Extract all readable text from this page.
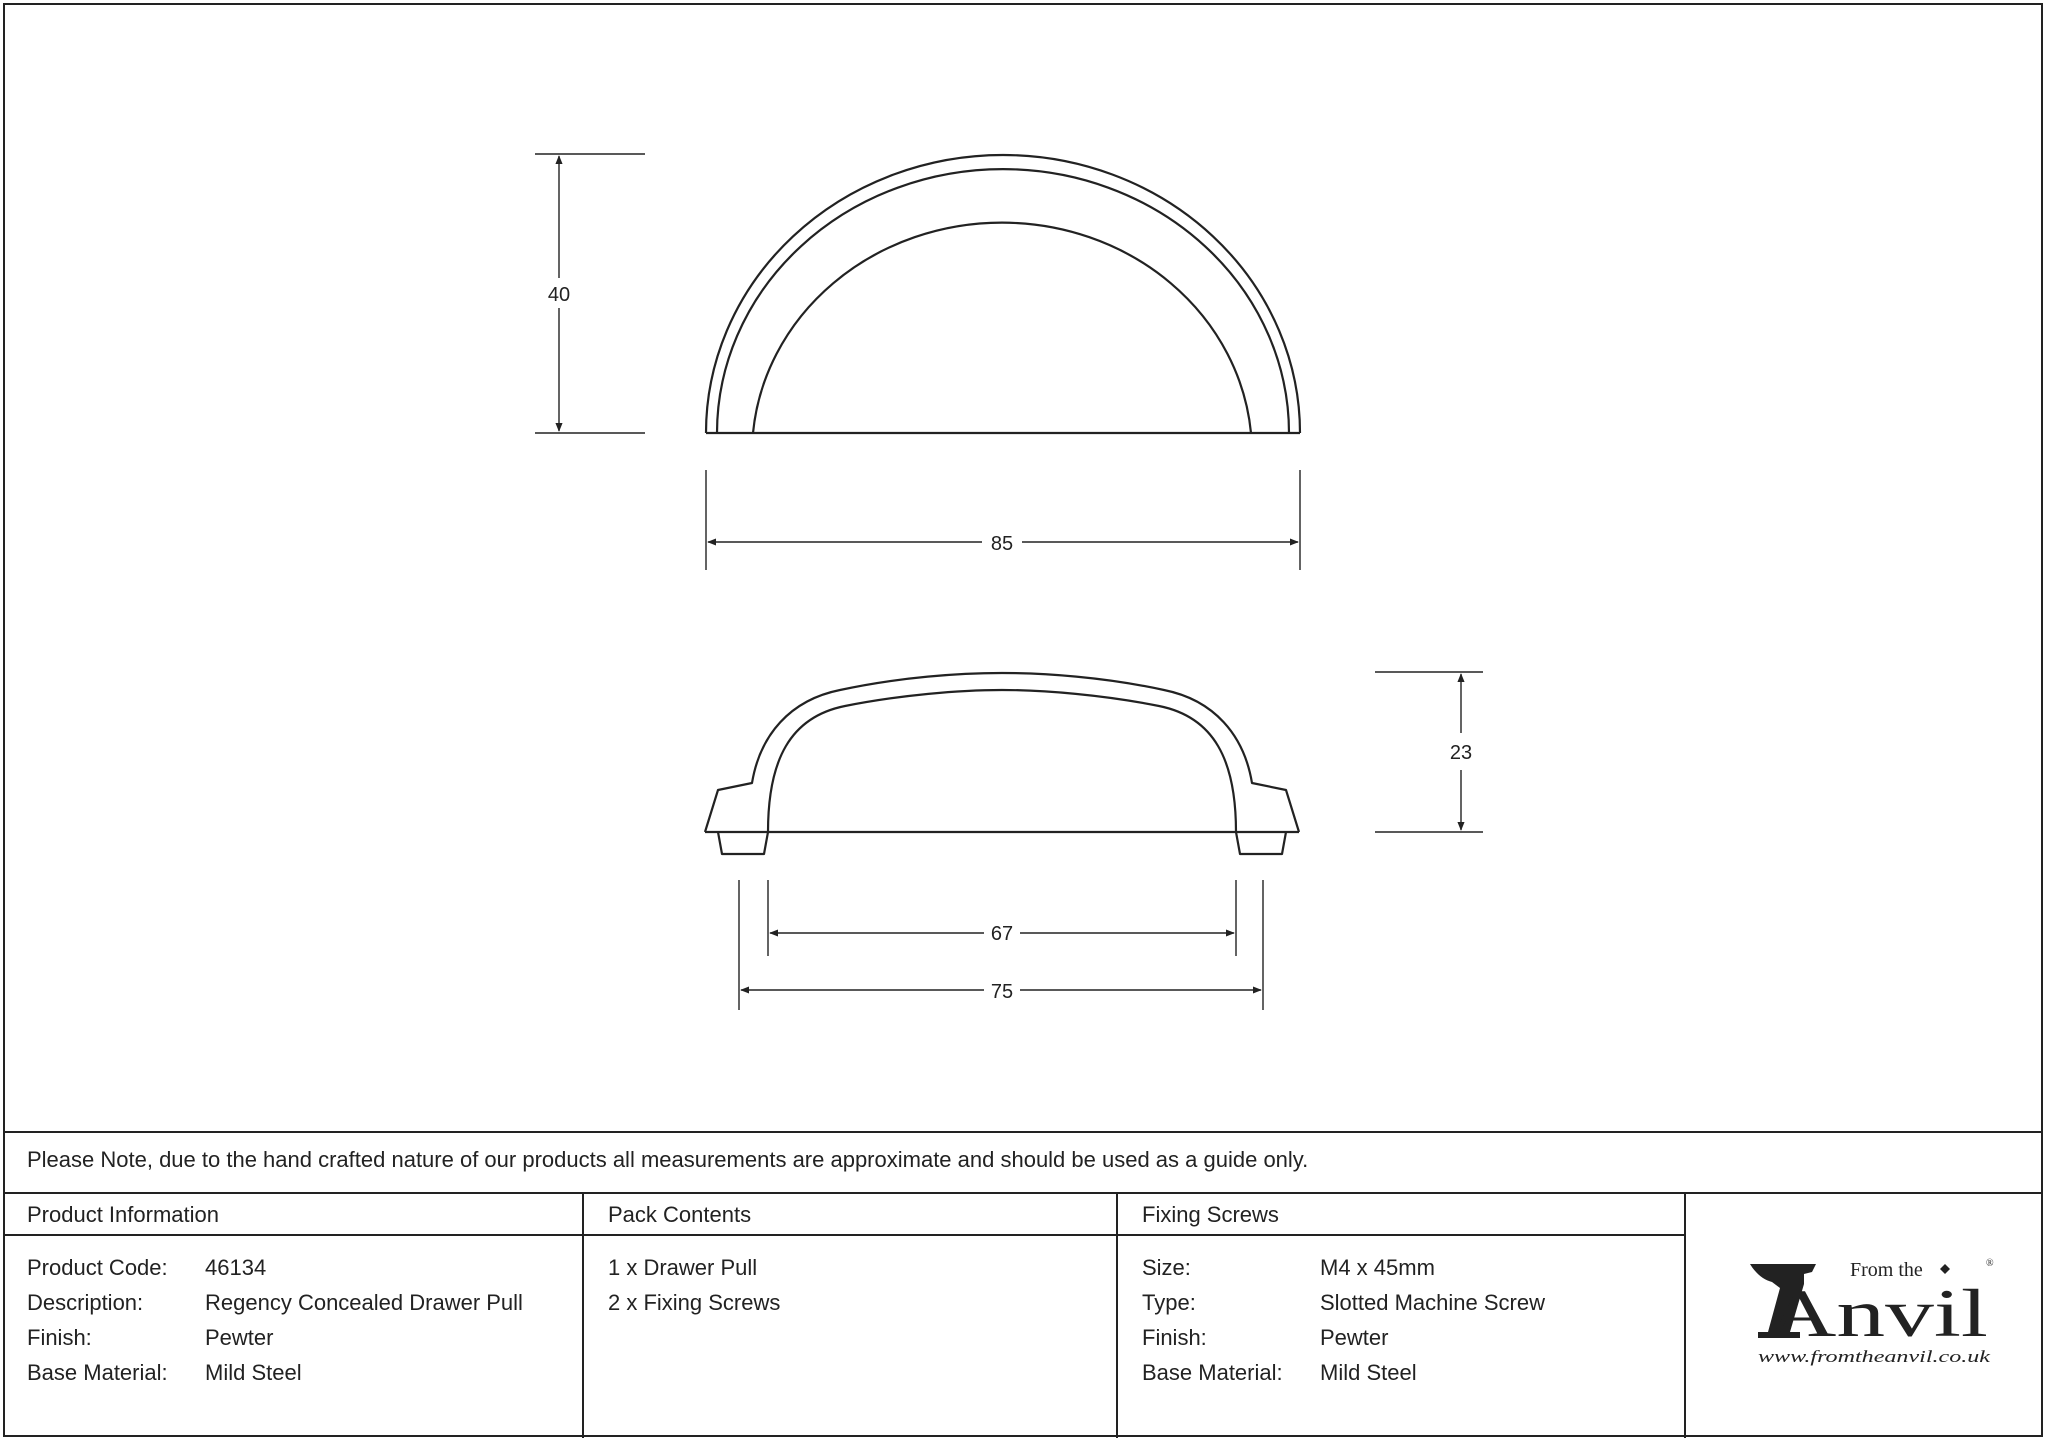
40
85
23
67
75
Please Note, due to the hand crafted nature of our products all measurements are approximate and should be used as a guide only.
Product Information
Product Code:	46134
Description:	Regency Concealed Drawer Pull
Finish:	Pewter
Base Material:	Mild Steel
Pack Contents
1 x Drawer Pull
2 x Fixing Screws
Fixing Screws
Size:	M4 x 45mm
Type:	Slotted Machine Screw
Finish:	Pewter
Base Material:	Mild Steel
From the	®
Anvil
www.fromtheanvil.co.uk
